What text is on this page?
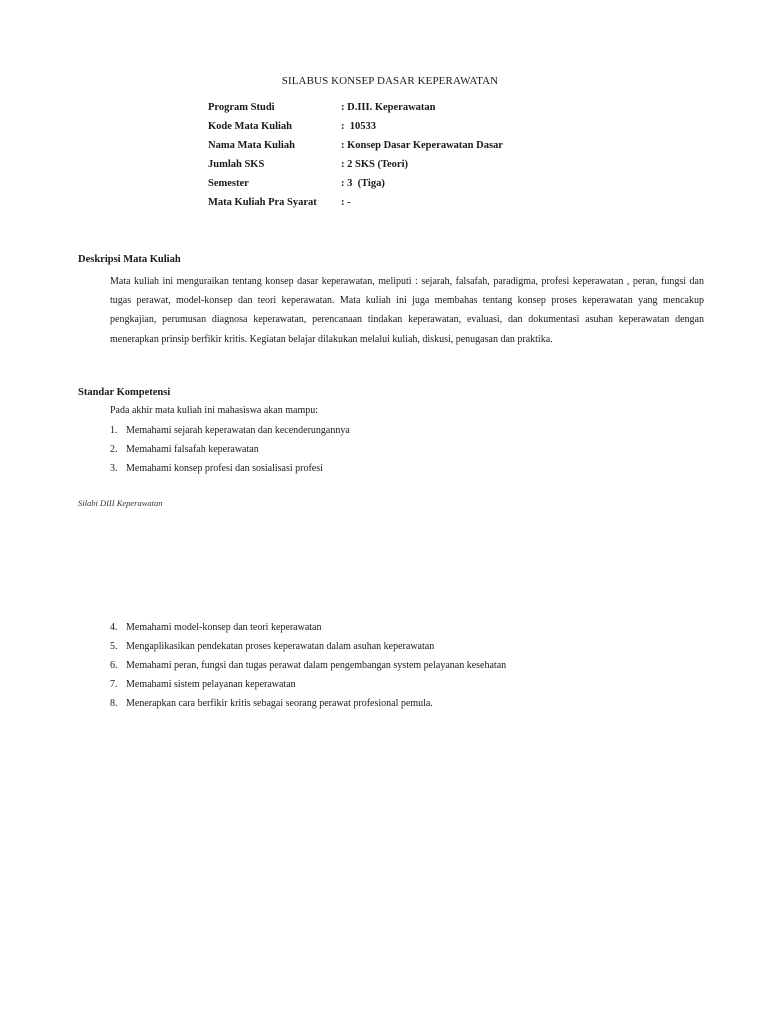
SILABUS KONSEP DASAR KEPERAWATAN
Program Studi	: D.III. Keperawatan
Kode Mata Kuliah	:  10533
Nama Mata Kuliah	: Konsep Dasar Keperawatan Dasar
Jumlah SKS	: 2 SKS (Teori)
Semester	: 3  (Tiga)
Mata Kuliah Pra Syarat	: -
Deskripsi Mata Kuliah
Mata kuliah ini menguraikan tentang konsep dasar keperawatan, meliputi : sejarah, falsafah, paradigma, profesi keperawatan , peran, fungsi dan tugas perawat, model-konsep dan teori keperawatan. Mata kuliah ini juga membahas tentang konsep proses keperawatan yang mencakup pengkajian, perumusan diagnosa keperawatan, perencanaan tindakan keperawatan, evaluasi, dan dokumentasi asuhan keperawatan dengan menerapkan prinsip berfikir kritis. Kegiatan belajar dilakukan melalui kuliah, diskusi, penugasan dan praktika.
Standar Kompetensi
Pada akhir mata kuliah ini mahasiswa akan mampu:
1. Memahami sejarah keperawatan dan kecenderungannya
2. Memahami falsafah keperawatan
3. Memahami konsep profesi dan sosialisasi profesi
Silabi DIII Keperawatan
4. Memahami model-konsep dan teori keperawatan
5. Mengaplikasikan pendekatan proses keperawatan dalam asuhan keperawatan
6. Memahami peran, fungsi dan tugas perawat dalam pengembangan system pelayanan kesehatan
7. Memahami sistem pelayanan keperawatan
8. Menerapkan cara berfikir kritis sebagai seorang perawat profesional pemula.
